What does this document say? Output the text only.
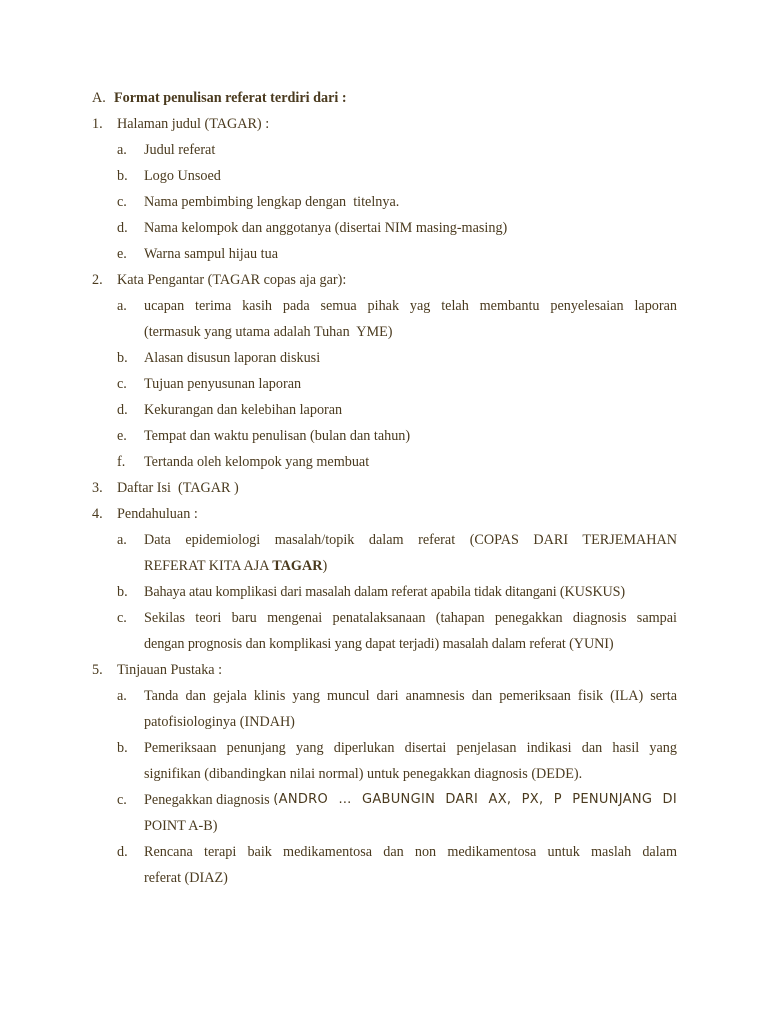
A. Format penulisan referat terdiri dari :
1. Halaman judul (TAGAR) :
a. Judul referat
b. Logo Unsoed
c. Nama pembimbing lengkap dengan  titelnya.
d. Nama kelompok dan anggotanya (disertai NIM masing-masing)
e. Warna sampul hijau tua
2. Kata Pengantar (TAGAR copas aja gar):
a. ucapan terima kasih pada semua pihak yag telah membantu penyelesaian laporan
(termasuk yang utama adalah Tuhan  YME)
b. Alasan disusun laporan diskusi
c. Tujuan penyusunan laporan
d. Kekurangan dan kelebihan laporan
e. Tempat dan waktu penulisan (bulan dan tahun)
f. Tertanda oleh kelompok yang membuat
3. Daftar Isi  (TAGAR )
4. Pendahuluan :
a. Data epidemiologi masalah/topik dalam referat (COPAS DARI TERJEMAHAN
REFERAT KITA AJA TAGAR)
b. Bahaya atau komplikasi dari masalah dalam referat apabila tidak ditangani (KUSKUS)
c. Sekilas teori baru mengenai penatalaksanaan (tahapan penegakkan diagnosis sampai
dengan prognosis dan komplikasi yang dapat terjadi) masalah dalam referat (YUNI)
5. Tinjauan Pustaka :
a. Tanda dan gejala klinis yang muncul dari anamnesis dan pemeriksaan fisik (ILA) serta
patofisiologinya (INDAH)
b. Pemeriksaan penunjang yang diperlukan disertai penjelasan indikasi dan hasil yang
signifikan (dibandingkan nilai normal) untuk penegakkan diagnosis (DEDE).
c. Penegakkan diagnosis (ANDRO … GABUNGIN DARI AX, PX, P PENUNJANG DI
POINT A-B)
d. Rencana terapi baik medikamentosa dan non medikamentosa untuk maslah dalam
referat (DIAZ)
